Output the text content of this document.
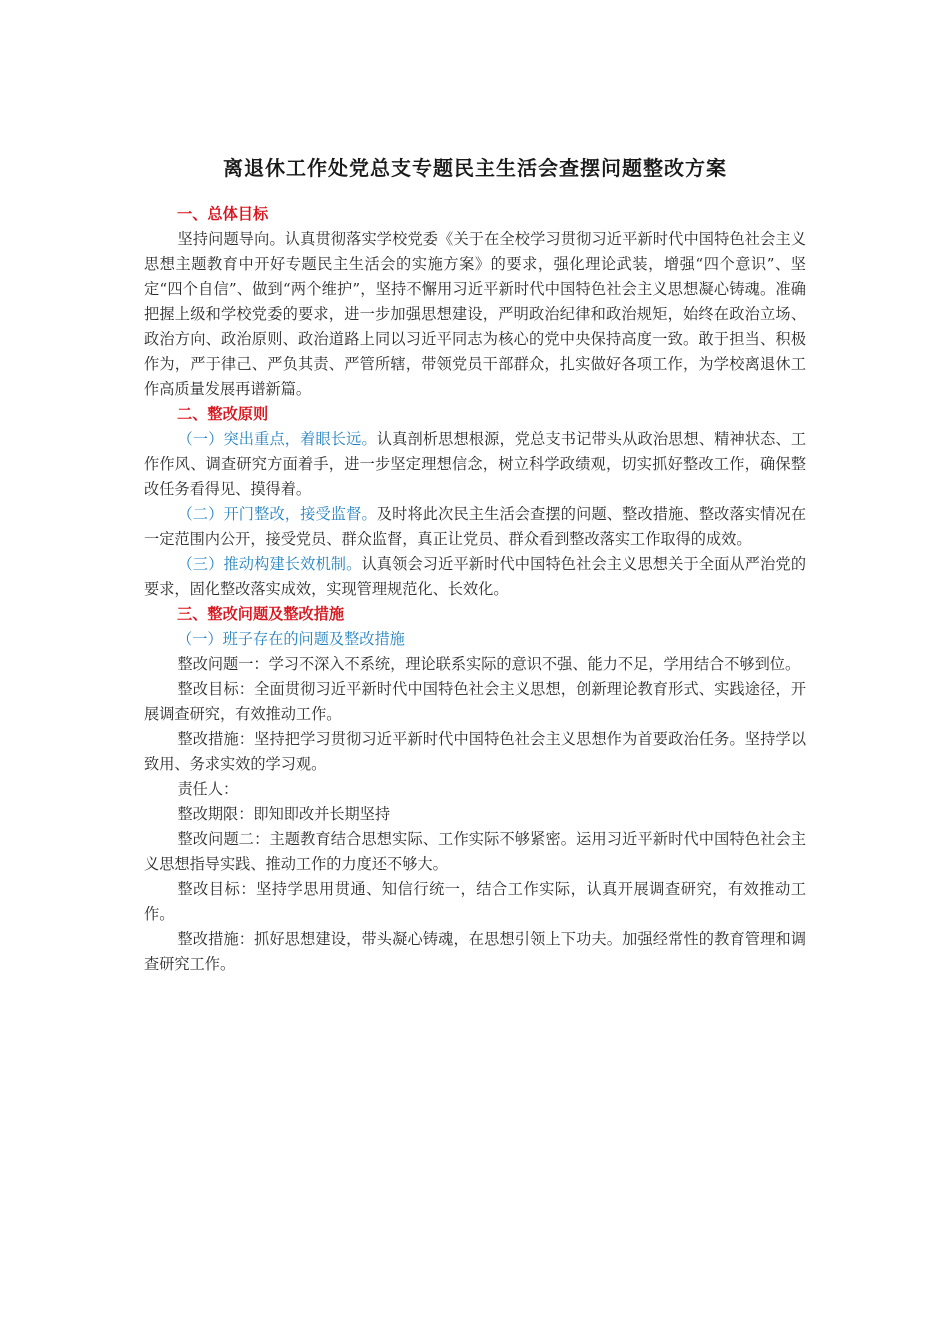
离退休工作处党总支专题民主生活会查摆问题整改方案
一、总体目标

坚持问题导向。认真贯彻落实学校党委《关于在全校学习贯彻习近平新时代中国特色社会主义思想主题教育中开好专题民主生活会的实施方案》的要求，强化理论武装，增强“四个意识”、坚定“四个自信”、做到“两个维护”，坚持不懈用习近平新时代中国特色社会主义思想凝心铸魂。准确把握上级和学校党委的要求，进一步加强思想建设，严明政治纪律和政治规矩，始终在政治立场、政治方向、政治原则、政治道路上同以习近平同志为核心的党中央保持高度一致。敢于担当、积极作为，严于律己、严负其责、严管所辖，带领党员干部群众，扎实做好各项工作，为学校离退休工作高质量发展再谱新篇。

二、整改原则

（一）突出重点，着眼长远。认真剖析思想根源，党总支书记带头从政治思想、精神状态、工作作风、调查研究方面着手，进一步坚定理想信念，树立科学政绩观，切实抓好整改工作，确保整改任务看得见、摸得着。

（二）开门整改，接受监督。及时将此次民主生活会查摆的问题、整改措施、整改落实情况在一定范围内公开，接受党员、群众监督，真正让党员、群众看到整改落实工作取得的成效。

（三）推动构建长效机制。认真领会习近平新时代中国特色社会主义思想关于全面从严治党的要求，固化整改落实成效，实现管理规范化、长效化。

三、整改问题及整改措施
（一）班子存在的问题及整改措施

整改问题一：学习不深入不系统，理论联系实际的意识不强、能力不足，学用结合不够到位。

整改目标：全面贯彻习近平新时代中国特色社会主义思想，创新理论教育形式、实践途径，开展调查研究，有效推动工作。

整改措施：坚持把学习贯彻习近平新时代中国特色社会主义思想作为首要政治任务。坚持学以致用、务求实效的学习观。

责任人：

整改期限：即知即改并长期坚持

整改问题二：主题教育结合思想实际、工作实际不够紧密。运用习近平新时代中国特色社会主义思想指导实践、推动工作的力度还不够大。

整改目标：坚持学思用贯通、知信行统一，结合工作实际，认真开展调查研究，有效推动工作。

整改措施：抓好思想建设，带头凝心铸魂，在思想引领上下功夫。加强经常性的教育管理和调查研究工作。
